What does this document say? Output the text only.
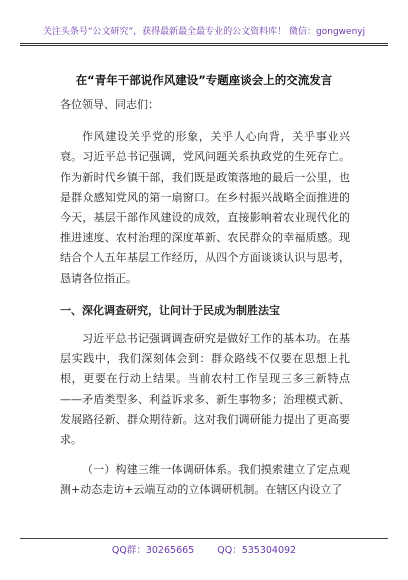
关注头条号“公文研究”，获得最新最全最专业的公文资料库！ 微信：gongwenyj
在“青年干部说作风建设”专题座谈会上的交流发言

各位领导、同志们：

作风建设关乎党的形象，关乎人心向背，关乎事业兴衰。习近平总书记强调，党风问题关系执政党的生死存亡。作为新时代乡镇干部，我们既是政策落地的最后一公里，也是群众感知党风的第一扇窗口。在乡村振兴战略全面推进的今天，基层干部作风建设的成效，直接影响着农业现代化的推进速度、农村治理的深度革新、农民群众的幸福质感。现结合个人五年基层工作经历，从四个方面谈谈认识与思考，恳请各位指正。

一、深化调查研究，让问计于民成为制胜法宝

习近平总书记强调调查研究是做好工作的基本功。在基层实践中，我们深刻体会到：群众路线不仅要在思想上扎根，更要在行动上结果。当前农村工作呈现三多三新特点——矛盾类型多、利益诉求多、新生事物多；治理模式新、发展路径新、群众期待新。这对我们调研能力提出了更高要求。

（一）构建三维一体调研体系。我们摸索建立了定点观测+动态走访+云端互动的立体调研机制。在辖区内设立了

QQ群：30265665 QQ：535304092
